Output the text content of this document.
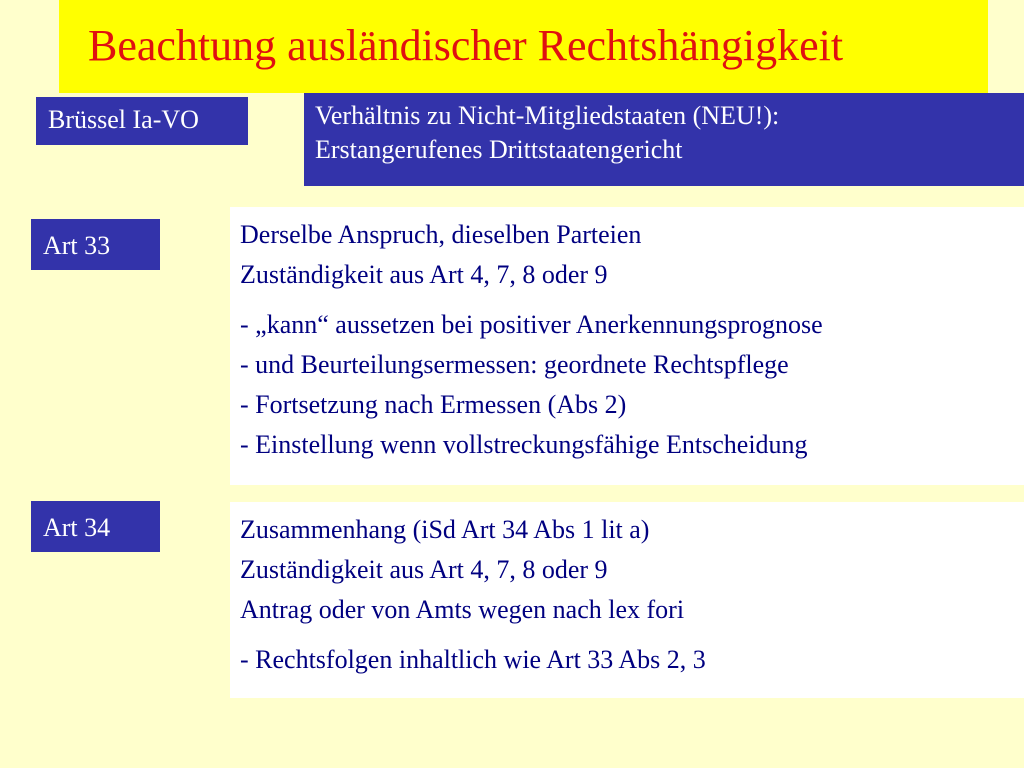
Beachtung ausländischer Rechtshängigkeit
Brüssel Ia-VO	Verhältnis zu Nicht-Mitgliedstaaten (NEU!):
Erstangerufenes Drittstaatengericht
Art 33	Derselbe Anspruch, dieselben Parteien
Zuständigkeit aus Art 4, 7, 8 oder 9
- „kann“ aussetzen bei positiver Anerkennungsprognose
- und Beurteilungsermessen: geordnete Rechtspflege
- Fortsetzung nach Ermessen (Abs 2)
- Einstellung wenn vollstreckungsfähige Entscheidung
Art 34	Zusammenhang (iSd Art 34 Abs 1 lit a)
Zuständigkeit aus Art 4, 7, 8 oder 9
Antrag oder von Amts wegen nach lex fori
- Rechtsfolgen inhaltlich wie Art 33 Abs 2, 3
